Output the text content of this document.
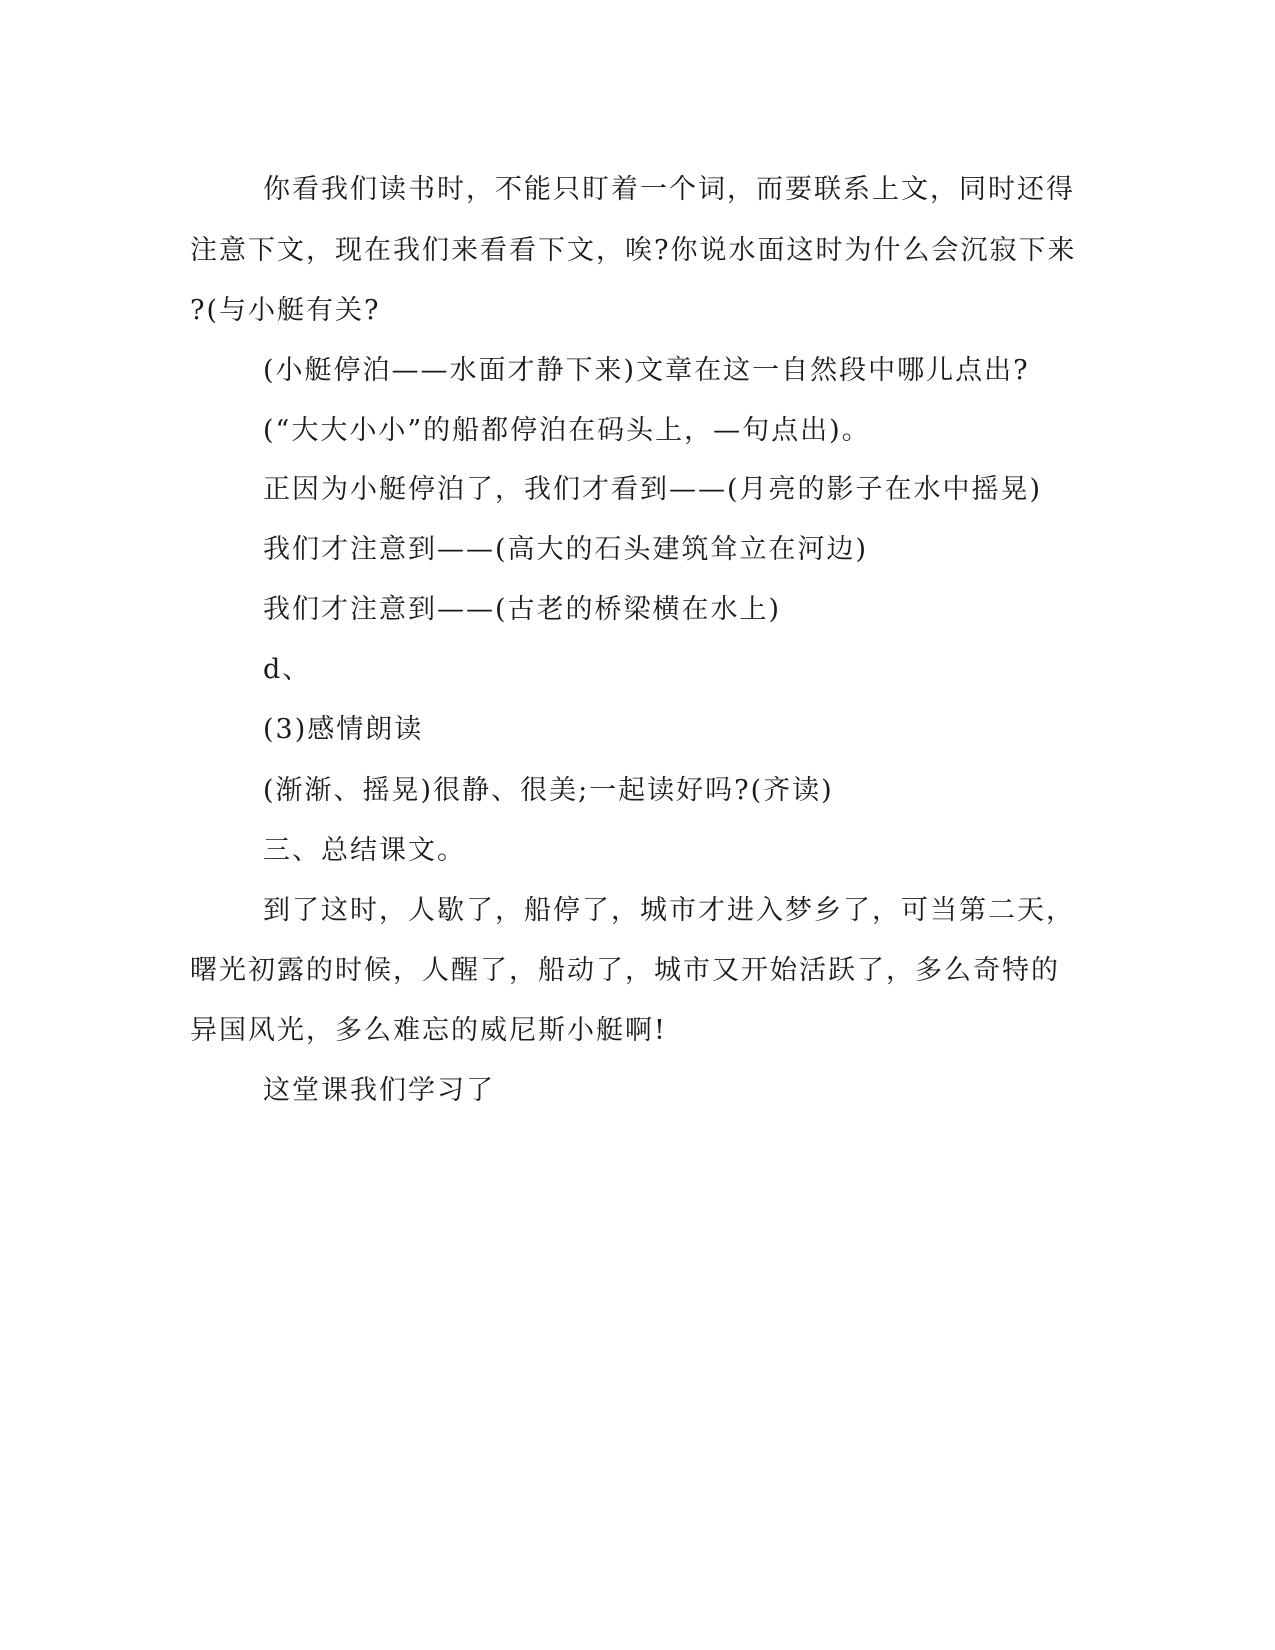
你看我们读书时，不能只盯着一个词，而要联系上文，同时还得
注意下文，现在我们来看看下文，唉?你说水面这时为什么会沉寂下来
?(与小艇有关?
(小艇停泊——水面才静下来)文章在这一自然段中哪儿点出?
(“大大小小”的船都停泊在码头上，—句点出)。
正因为小艇停泊了，我们才看到——(月亮的影子在水中摇晃)
我们才注意到——(高大的石头建筑耸立在河边)
我们才注意到——(古老的桥梁横在水上)
d、
(3)感情朗读
(渐渐、摇晃)很静、很美;一起读好吗?(齐读)
三、总结课文。
到了这时，人歇了，船停了，城市才进入梦乡了，可当第二天，
曙光初露的时候，人醒了，船动了，城市又开始活跃了，多么奇特的
异国风光，多么难忘的威尼斯小艇啊!
这堂课我们学习了
